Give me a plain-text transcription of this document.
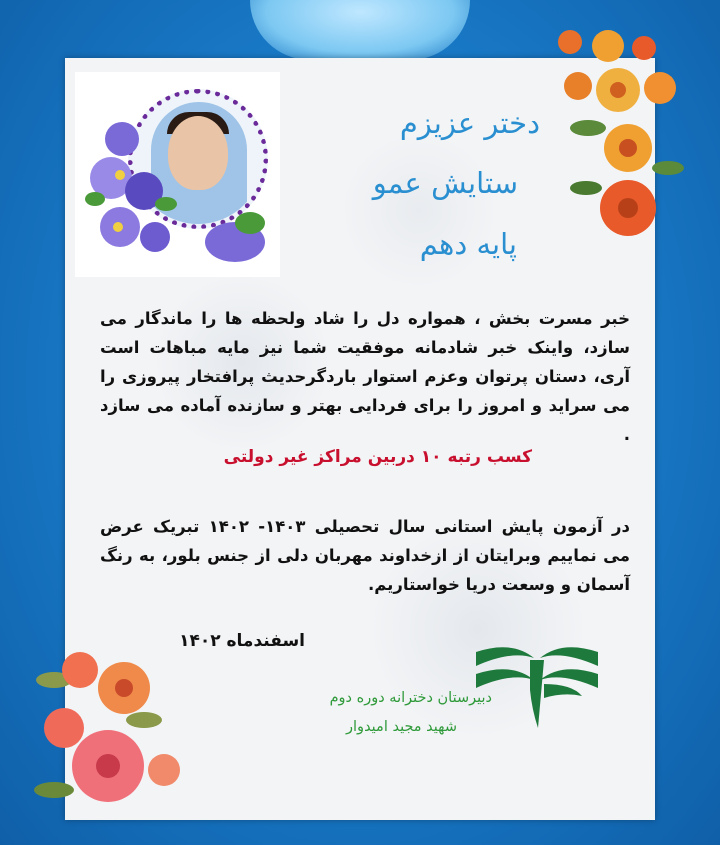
دختر عزیزم
ستایش عمو
پایه دهم
خبر مسرت بخش ، همواره دل را شاد ولحظه ها را ماندگار می سازد، واینک خبر شادمانه موفقیت شما نیز مایه مباهات است آری، دستان پرتوان وعزم استوار باردگرحدیث پرافتخار پیروزی را می سراید و امروز را برای فردایی بهتر و سازنده آماده می سازد .
کسب رتبه ۱۰ دربین مراکز غیر دولتی
در آزمون پایش استانی سال تحصیلی ۱۴۰۳- ۱۴۰۲ تبریک عرض می نماییم وبرایتان از ازخداوند مهربان دلی از جنس بلور، به رنگ آسمان و وسعت دریا خواستاریم.
اسفندماه ۱۴۰۲
دبیرستان دخترانه دوره دوم
شهید مجید امیدوار
